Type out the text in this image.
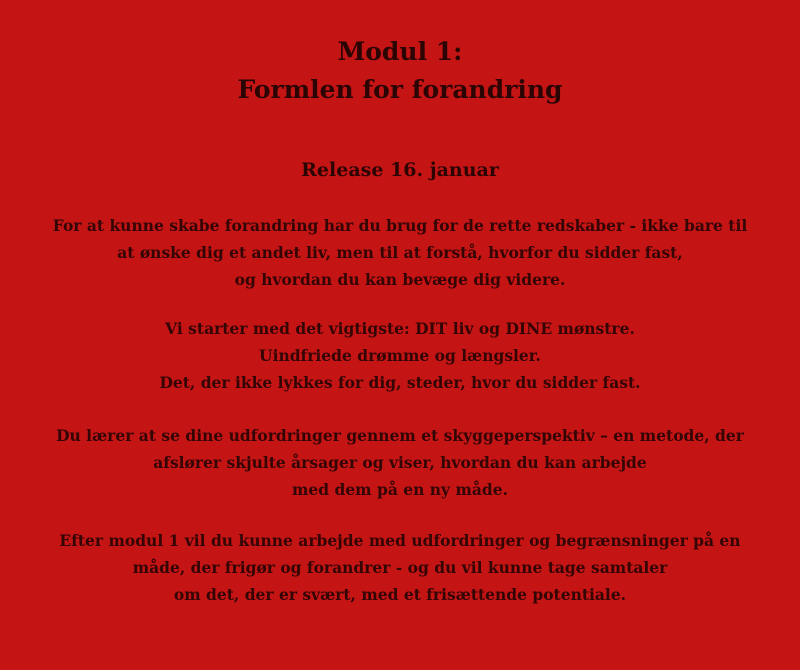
Modul 1:
Formlen for forandring
Release 16. januar
For at kunne skabe forandring har du brug for de rette redskaber - ikke bare til
at ønske dig et andet liv, men til at forstå, hvorfor du sidder fast,
og hvordan du kan bevæge dig videre.
Vi starter med det vigtigste: DIT liv og DINE mønstre.
Uindfriede drømme og længsler.
Det, der ikke lykkes for dig, steder, hvor du sidder fast.
Du lærer at se dine udfordringer gennem et skyggeperspektiv – en metode, der
afslører skjulte årsager og viser, hvordan du kan arbejde
med dem på en ny måde.
Efter modul 1 vil du kunne arbejde med udfordringer og begrænsninger på en
måde, der frigør og forandrer - og du vil kunne tage samtaler
om det, der er svært, med et frisættende potentiale.
